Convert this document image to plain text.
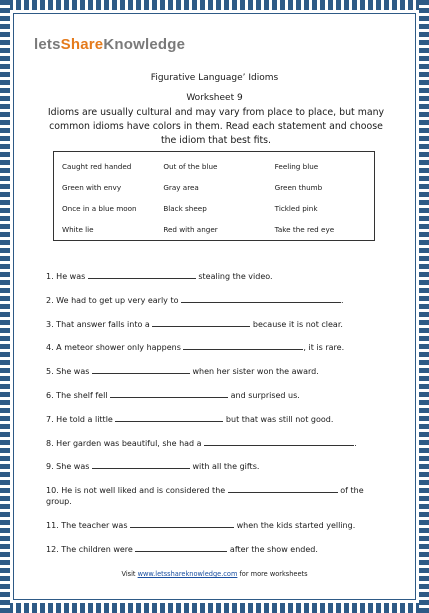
letsShareKnowledge
Figurative Language’ Idioms
Worksheet 9
Idioms are usually cultural and may vary from place to place, but many common idioms have colors in them. Read each statement and choose the idiom that best fits.
Caught red handed	Out of the blue	Feeling blue
Green with envy	Gray area	Green thumb
Once in a blue moon	Black sheep	Tickled pink
White lie	Red with anger	Take the red eye
1. He was	stealing the video.
2. We had to get up very early to	.
3. That answer falls into a	because it is not clear.
4. A meteor shower only happens	, it is rare.
5. She was	when her sister won the award.
6. The shelf fell	and surprised us.
7. He told a little	but that was still not good.
8. Her garden was beautiful, she had a	.
9. She was	with all the gifts.
10. He is not well liked and is considered the	of the group.
11. The teacher was	when the kids started yelling.
12. The children were	after the show ended.
Visit www.letsshareknowledge.com for more worksheets
